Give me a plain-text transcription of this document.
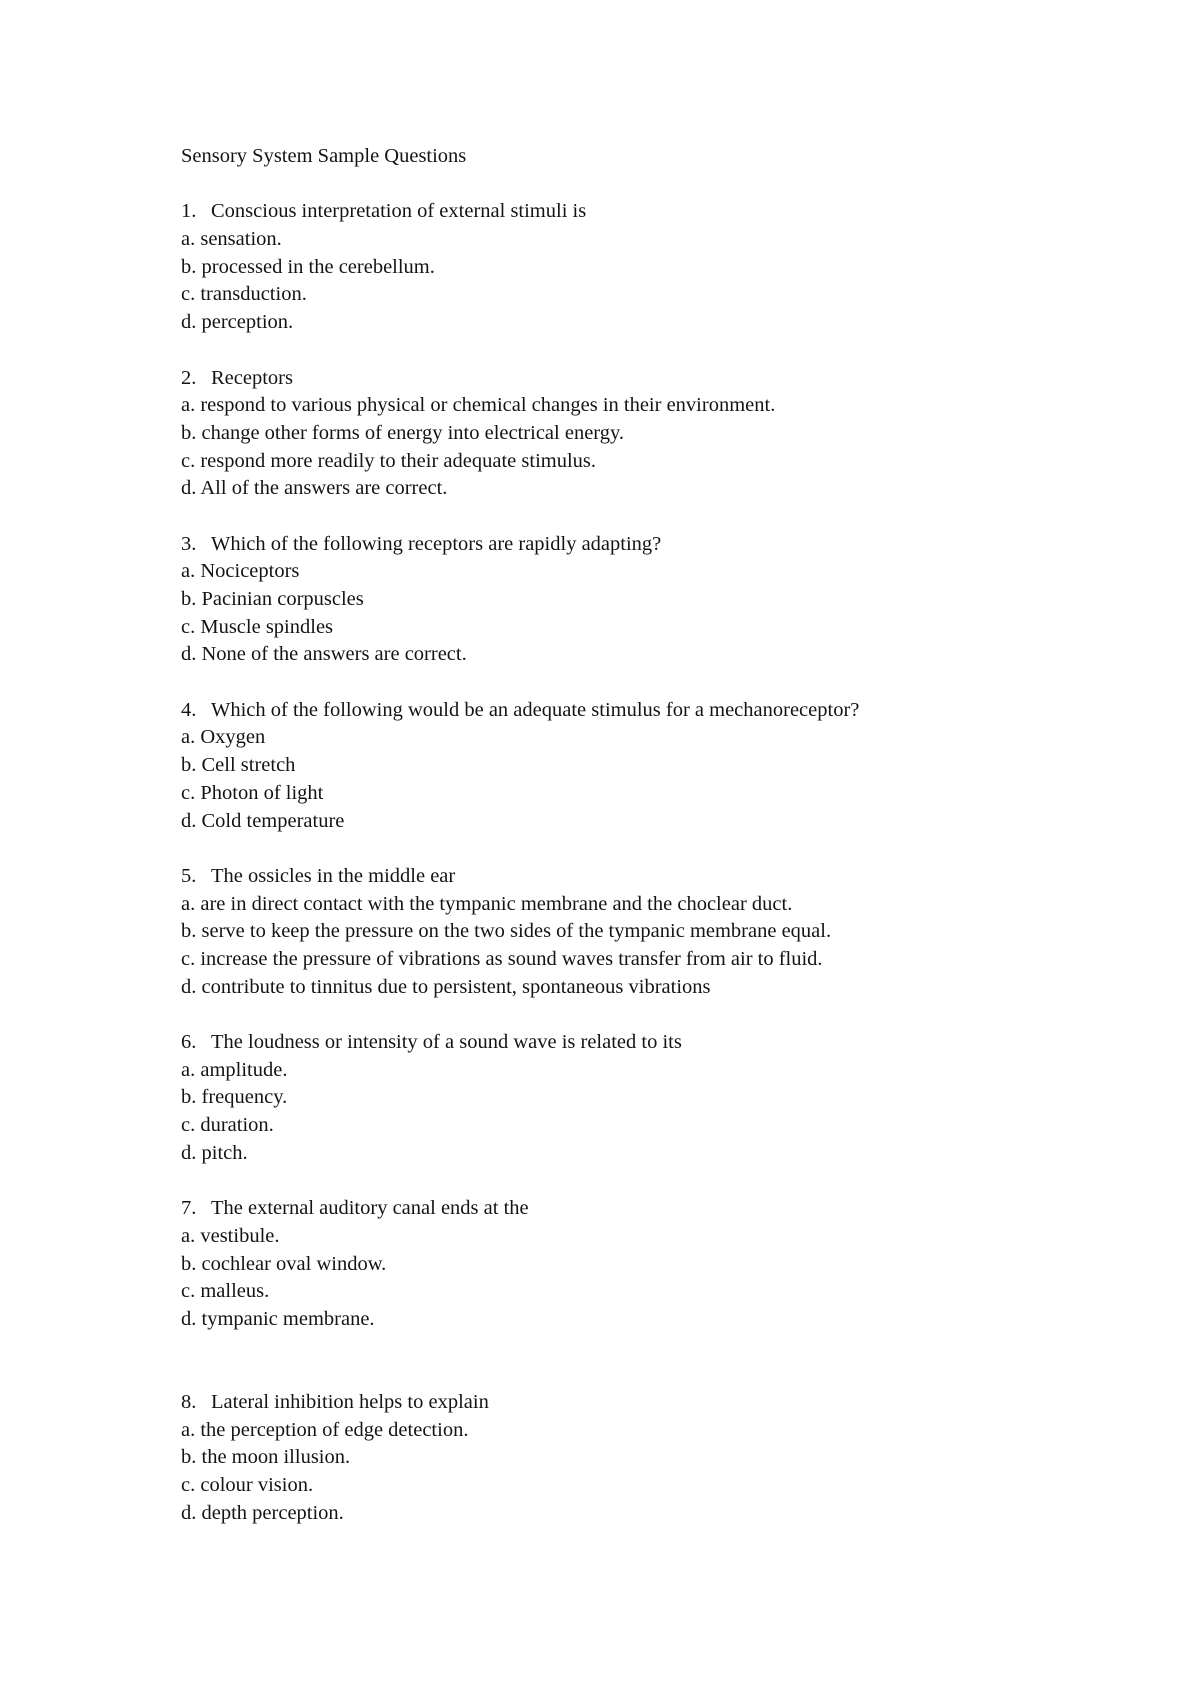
Sensory System Sample Questions
1. Conscious interpretation of external stimuli is
a. sensation.
b. processed in the cerebellum.
c. transduction.
d. perception.
2. Receptors
a. respond to various physical or chemical changes in their environment.
b. change other forms of energy into electrical energy.
c. respond more readily to their adequate stimulus.
d. All of the answers are correct.
3. Which of the following receptors are rapidly adapting?
a. Nociceptors
b. Pacinian corpuscles
c. Muscle spindles
d. None of the answers are correct.
4. Which of the following would be an adequate stimulus for a mechanoreceptor?
a. Oxygen
b. Cell stretch
c. Photon of light
d. Cold temperature
5. The ossicles in the middle ear
a. are in direct contact with the tympanic membrane and the choclear duct.
b. serve to keep the pressure on the two sides of the tympanic membrane equal.
c. increase the pressure of vibrations as sound waves transfer from air to fluid.
d. contribute to tinnitus due to persistent, spontaneous vibrations
6. The loudness or intensity of a sound wave is related to its
a. amplitude.
b. frequency.
c. duration.
d. pitch.
7. The external auditory canal ends at the
a. vestibule.
b. cochlear oval window.
c. malleus.
d. tympanic membrane.
8. Lateral inhibition helps to explain
a. the perception of edge detection.
b. the moon illusion.
c. colour vision.
d. depth perception.
